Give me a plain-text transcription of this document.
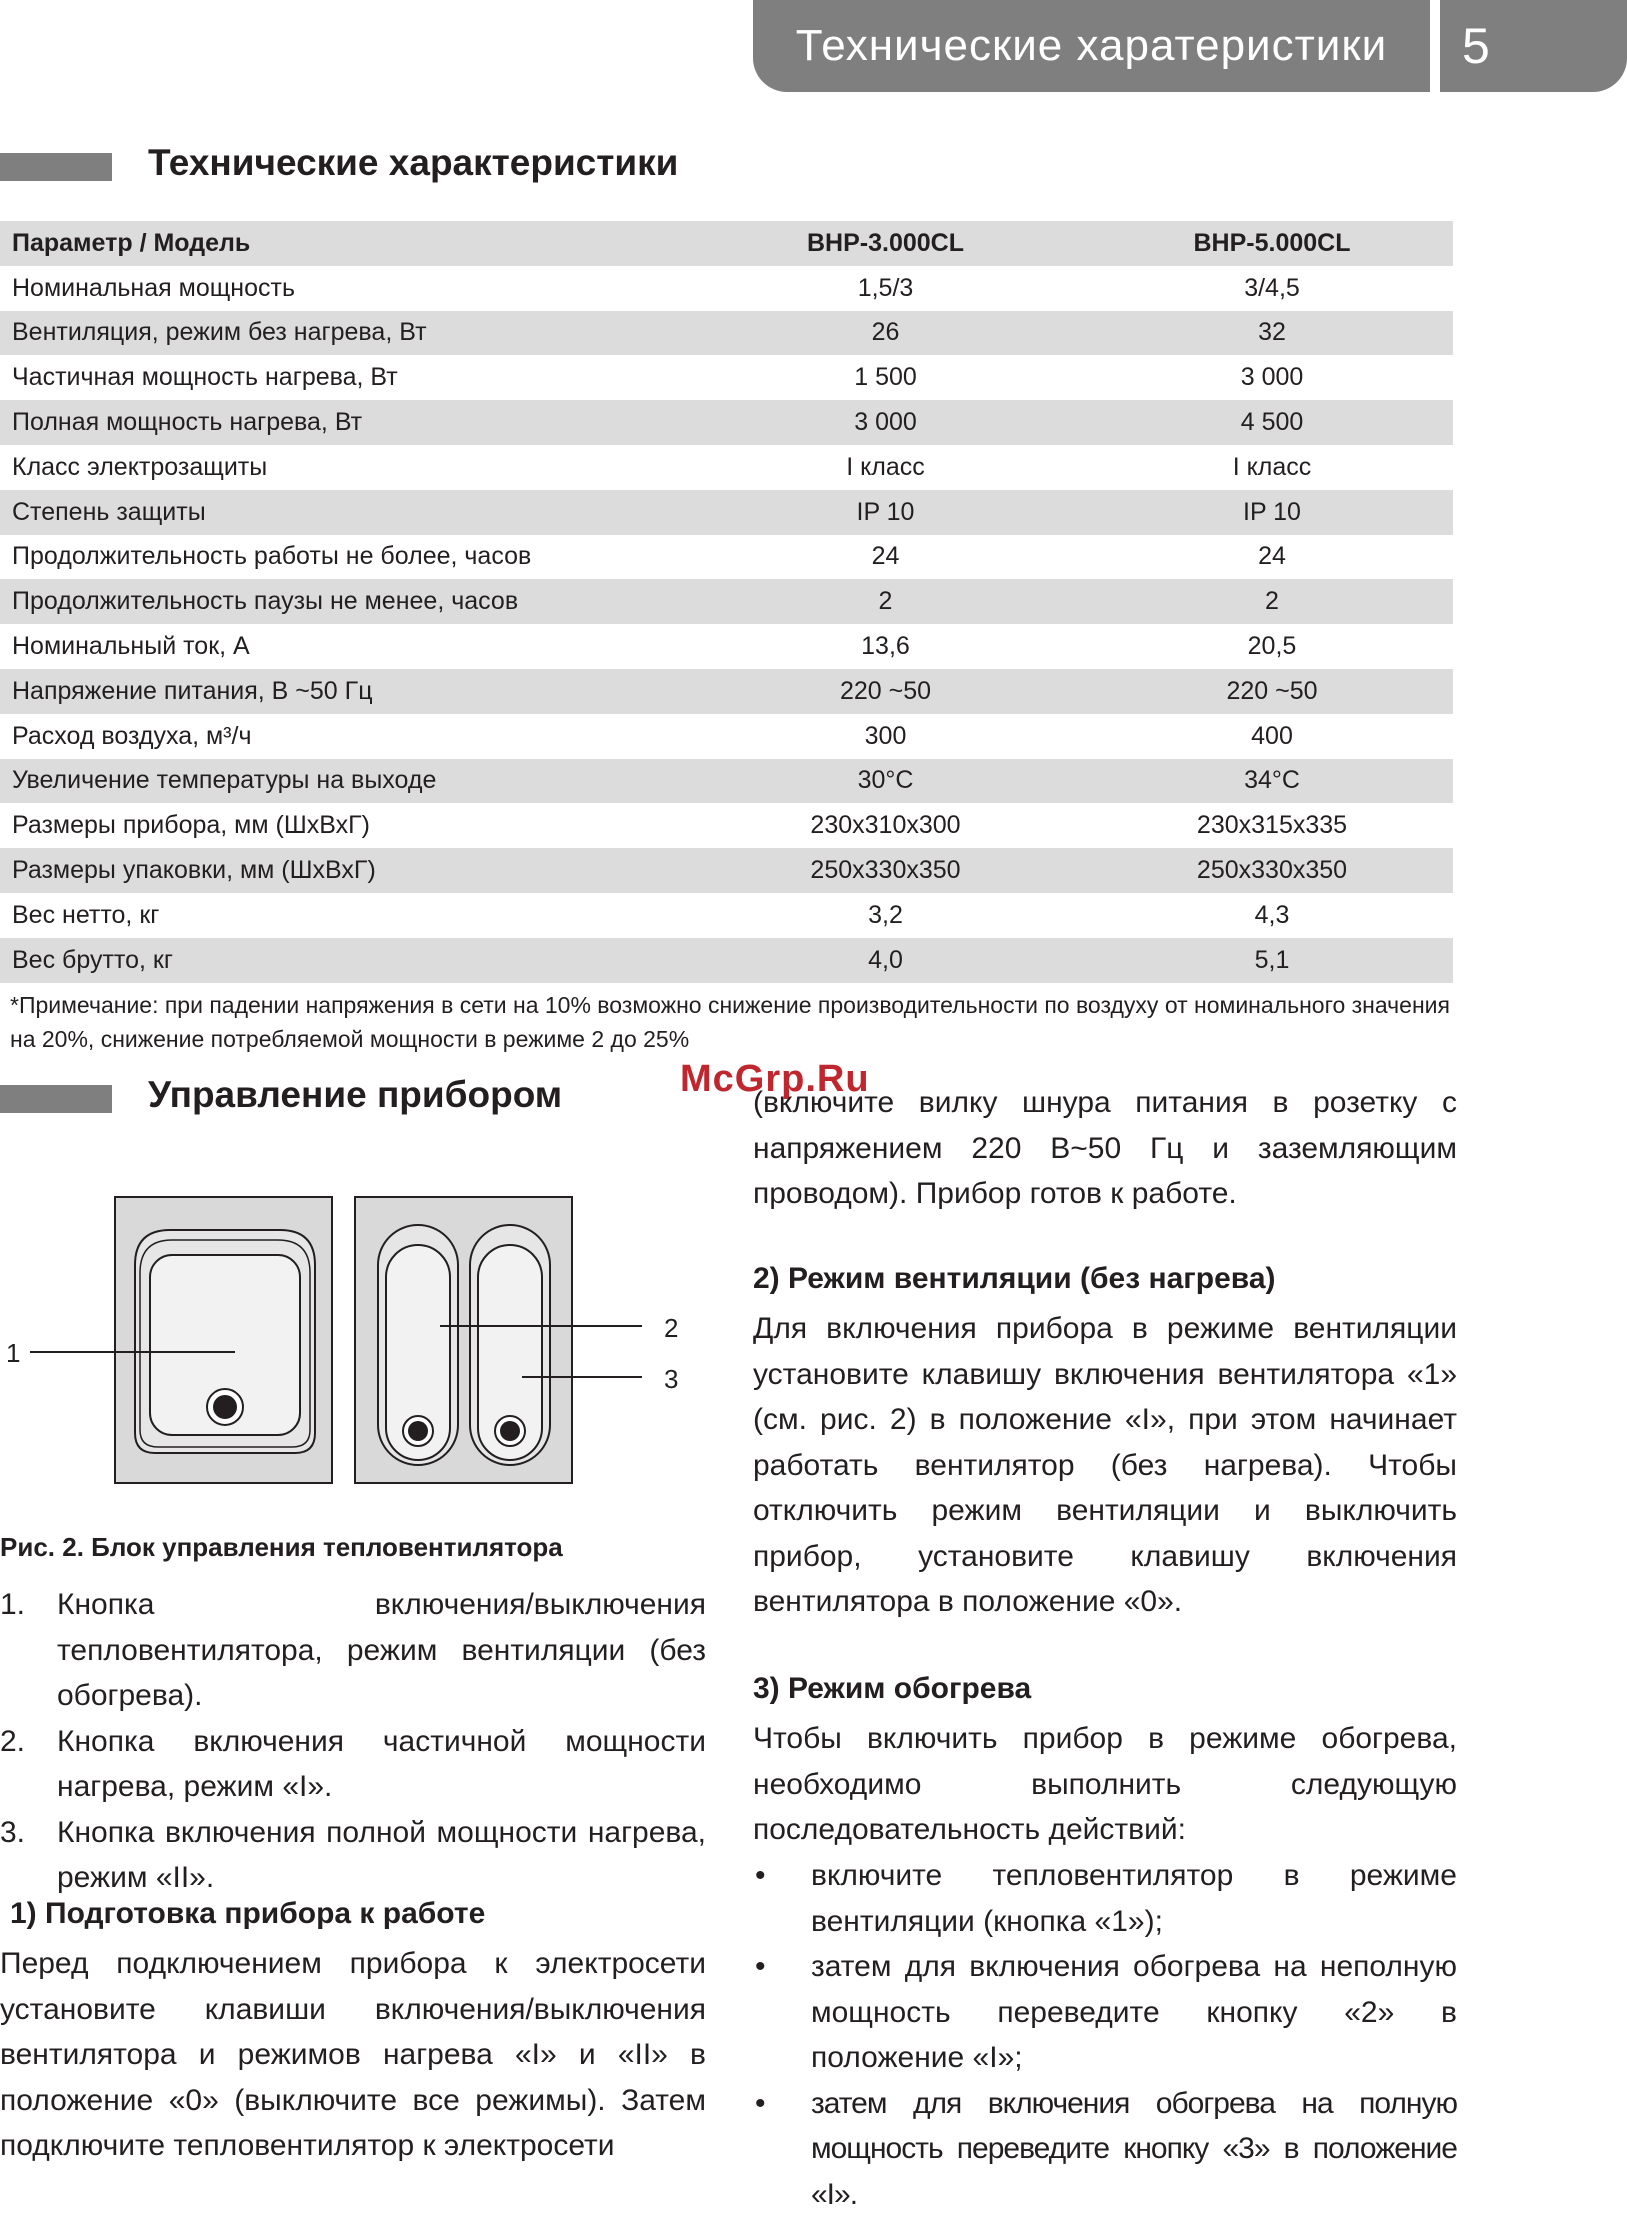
Технические харатеристики	5
Технические характеристики
Параметр / Модель	BHP-3.000CL	BHP-5.000CL
Номинальная мощность	1,5/3	3/4,5
Вентиляция, режим без нагрева, Вт	26	32
Частичная мощность нагрева, Вт	1 500	3 000
Полная мощность нагрева, Вт	3 000	4 500
Класс электрозащиты	I класс	I класс
Степень защиты	IP 10	IP 10
Продолжительность работы не более, часов	24	24
Продолжительность паузы не менее, часов	2	2
Номинальный ток, А	13,6	20,5
Напряжение питания, В ~50 Гц	220 ~50	220 ~50
Расход воздуха, м³/ч	300	400
Увеличение температуры на выходе	30°C	34°C
Размеры прибора, мм (ШхВхГ)	230x310x300	230x315x335
Размеры упаковки, мм (ШхВхГ)	250x330x350	250x330x350
Вес нетто, кг	3,2	4,3
Вес брутто, кг	4,0	5,1
*Примечание: при падении напряжения в сети на 10% возможно снижение производительности по воздуху от номинального значения на 20%, снижение потребляемой мощности в режиме 2 до 25%
McGrp.Ru
Управление прибором
1
2
3
Рис. 2. Блок управления тепловентилятора
1. Кнопка включения/выключения тепловентилятора, режим вентиляции (без обогрева).
2. Кнопка включения частичной мощности нагрева, режим «I».
3. Кнопка включения полной мощности нагрева, режим «II».
1) Подготовка прибора к работе
Перед подключением прибора к электросети установите клавиши включения/выключения вентилятора и режимов нагрева «I» и «II» в положение «0» (выключите все режимы). Затем подключите тепловентилятор к электросети
(включите вилку шнура питания в розетку с напряжением 220 В~50 Гц и заземляющим проводом). Прибор готов к работе.
2) Режим вентиляции (без нагрева)
Для включения прибора в режиме вентиляции установите клавишу включения вентилятора «1» (см. рис. 2) в положение «I», при этом начинает работать вентилятор (без нагрева). Чтобы отключить режим вентиляции и выключить прибор, установите клавишу включения вентилятора в положение «0».
3) Режим обогрева
Чтобы включить прибор в режиме обогрева, необходимо выполнить следующую последовательность действий:
• включите тепловентилятор в режиме вентиляции (кнопка «1»);
• затем для включения обогрева на неполную мощность переведите кнопку «2» в положение «I»;
• затем для включения обогрева на полную мощность переведите кнопку «3» в положение «I».
